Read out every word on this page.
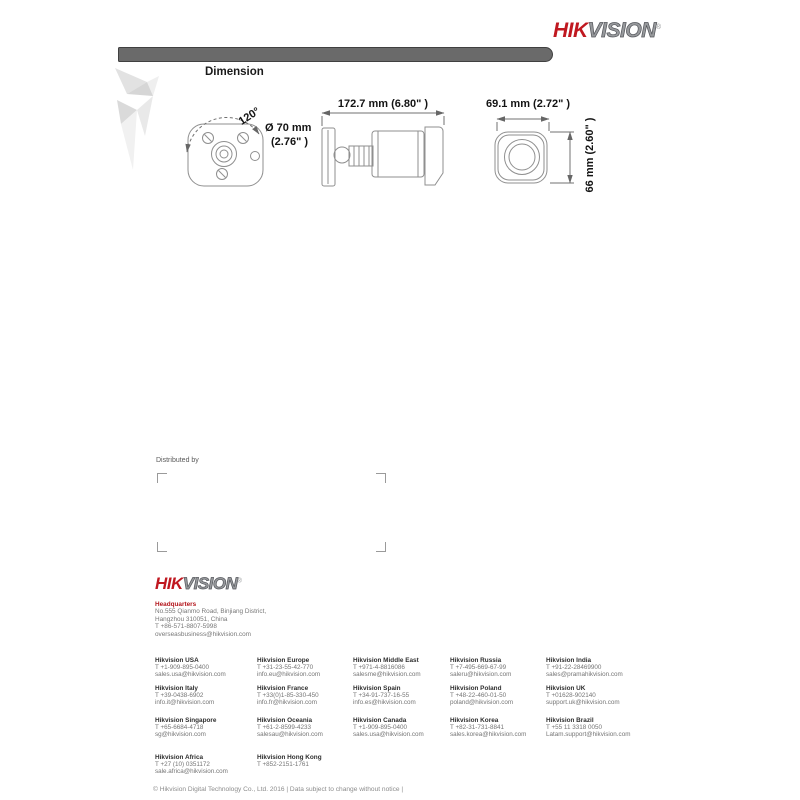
HIKVISION®
Dimension
120°
Ø 70 mm
(2.76" )
172.7 mm (6.80" )	69.1 mm (2.72" )
66 mm (2.60" )
Distributed by
HIKVISION®
Headquarters
No.555 Qianmo Road, Binjiang District,
Hangzhou 310051, China
T +86-571-8807-5998
overseasbusiness@hikvision.com
Hikvision USA
T +1-909-895-0400
sales.usa@hikvision.com
Hikvision Italy
T +39-0438-6902
info.it@hikvision.com
Hikvision Singapore
T +65-6684-4718
sg@hikvision.com
Hikvision Africa
T +27 (10) 0351172
sale.africa@hikvision.com
Hikvision Europe
T +31-23-55-42-770
info.eu@hikvision.com
Hikvision France
T +33(0)1-85-330-450
info.fr@hikvision.com
Hikvision Oceania
T +61-2-8599-4233
salesau@hikvision.com
Hikvision Hong Kong
T +852-2151-1761
Hikvision Middle East
T +971-4-8816086
salesme@hikvision.com
Hikvision Spain
T +34-91-737-16-55
info.es@hikvision.com
Hikvision Canada
T +1-909-895-0400
sales.usa@hikvision.com
Hikvision Russia
T +7-495-669-67-99
saleru@hikvision.com
Hikvision Poland
T +48-22-460-01-50
poland@hikvision.com
Hikvision Korea
T +82-31-731-8841
sales.korea@hikvision.com
Hikvision India
T +91-22-28469900
sales@pramahikvision.com
Hikvision UK
T +01628-902140
support.uk@hikvision.com
Hikvision Brazil
T +55 11 3318 0050
Latam.support@hikvision.com
© Hikvision Digital Technology Co., Ltd. 2016 | Data subject to change without notice |
